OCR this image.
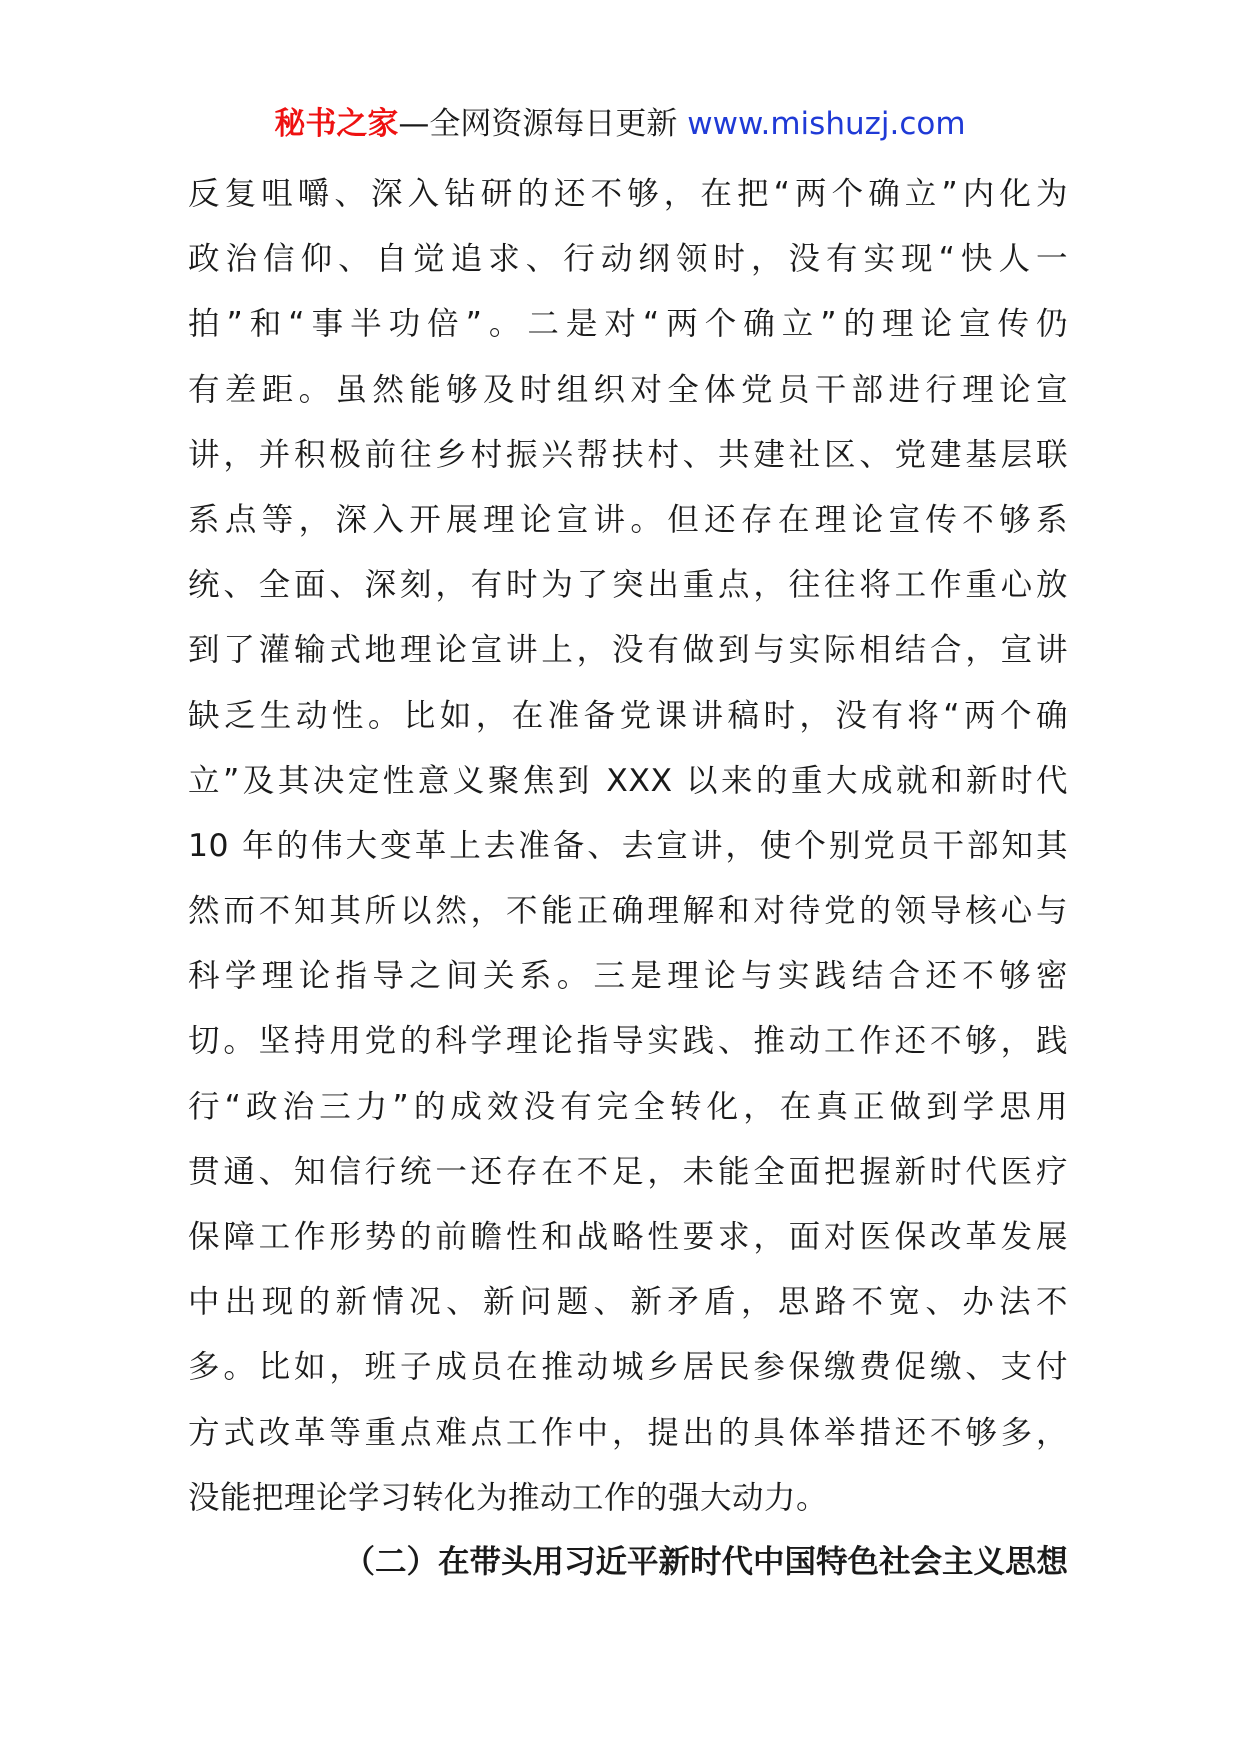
秘书之家—全网资源每日更新 www.mishuzj.com
反复咀嚼、深入钻研的还不够，在把“两个确立”内化为
政治信仰、自觉追求、行动纲领时，没有实现“快人一
拍”和“事半功倍”。二是对“两个确立”的理论宣传仍
有差距。虽然能够及时组织对全体党员干部进行理论宣
讲，并积极前往乡村振兴帮扶村、共建社区、党建基层联
系点等，深入开展理论宣讲。但还存在理论宣传不够系
统、全面、深刻，有时为了突出重点，往往将工作重心放
到了灌输式地理论宣讲上，没有做到与实际相结合，宣讲
缺乏生动性。比如，在准备党课讲稿时，没有将“两个确
立”及其决定性意义聚焦到 XXX 以来的重大成就和新时代
10 年的伟大变革上去准备、去宣讲，使个别党员干部知其
然而不知其所以然，不能正确理解和对待党的领导核心与
科学理论指导之间关系。三是理论与实践结合还不够密
切。坚持用党的科学理论指导实践、推动工作还不够，践
行“政治三力”的成效没有完全转化，在真正做到学思用
贯通、知信行统一还存在不足，未能全面把握新时代医疗
保障工作形势的前瞻性和战略性要求，面对医保改革发展
中出现的新情况、新问题、新矛盾，思路不宽、办法不
多。比如，班子成员在推动城乡居民参保缴费促缴、支付
方式改革等重点难点工作中，提出的具体举措还不够多，
没能把理论学习转化为推动工作的强大动力。
（二）在带头用习近平新时代中国特色社会主义思想
